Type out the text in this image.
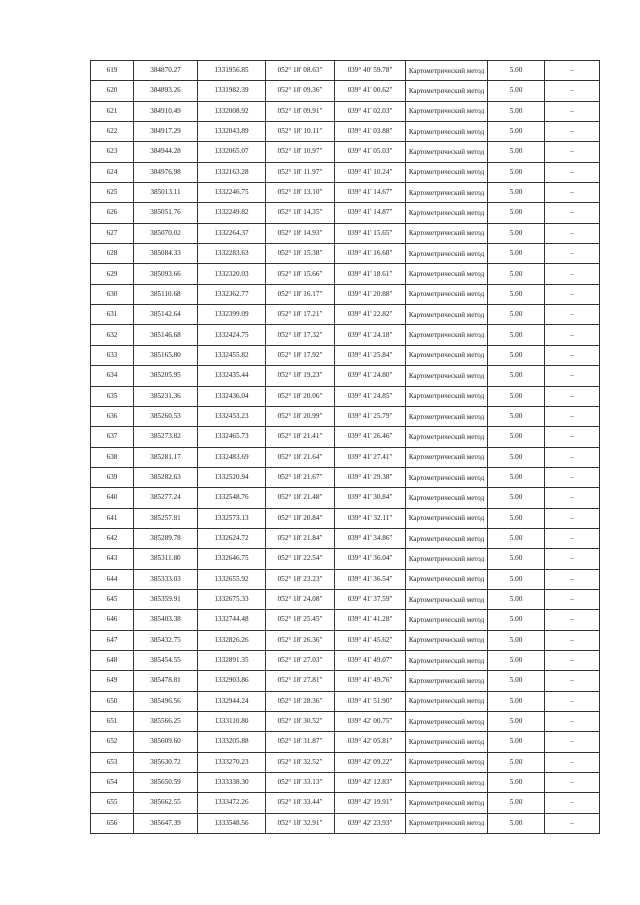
619	384870.27	1331956.85	052° 18' 08.63"	039° 40' 59.78"	Картометрический метод	5.00	–
620	384893.26	1331982.39	052° 18' 09.36"	039° 41' 00.62"	Картометрический метод	5.00	–
621	384910.49	1332008.92	052° 18' 09.91"	039° 41' 02.03"	Картометрический метод	5.00	–
622	384917.29	1332043.89	052° 18' 10.11"	039° 41' 03.88"	Картометрический метод	5.00	–
623	384944.28	1332065.07	052° 18' 10.97"	039° 41' 05.03"	Картометрический метод	5.00	–
624	384976.98	1332163.28	052° 18' 11.97"	039° 41' 10.24"	Картометрический метод	5.00	–
625	385013.11	1332246.75	052° 18' 13.10"	039° 41' 14.67"	Картометрический метод	5.00	–
626	385051.76	1332249.82	052° 18' 14.35"	039° 41' 14.87"	Картометрический метод	5.00	–
627	385070.02	1332264.37	052° 18' 14.93"	039° 41' 15.65"	Картометрический метод	5.00	–
628	385084.33	1332283.63	052° 18' 15.38"	039° 41' 16.68"	Картометрический метод	5.00	–
629	385093.66	1332320.03	052° 18' 15.66"	039° 41' 18.61"	Картометрический метод	5.00	–
630	385110.68	1332362.77	052° 18' 16.17"	039° 41' 20.88"	Картометрический метод	5.00	–
631	385142.64	1332399.09	052° 18' 17.21"	039° 41' 22.82"	Картометрический метод	5.00	–
632	385146.68	1332424.75	052° 18' 17.32"	039° 41' 24.18"	Картометрический метод	5.00	–
633	385165.80	1332455.82	052° 18' 17.92"	039° 41' 25.84"	Картометрический метод	5.00	–
634	385205.95	1332435.44	052° 18' 19.23"	039° 41' 24.80"	Картометрический метод	5.00	–
635	385231.36	1332436.04	052° 18' 20.06"	039° 41' 24.85"	Картометрический метод	5.00	–
636	385260.53	1332453.23	052° 18' 20.99"	039° 41' 25.79"	Картометрический метод	5.00	–
637	385273.82	1332465.73	052° 18' 21.41"	039° 41' 26.46"	Картометрический метод	5.00	–
638	385281.17	1332483.69	052° 18' 21.64"	039° 41' 27.41"	Картометрический метод	5.00	–
639	385282.63	1332520.94	052° 18' 21.67"	039° 41' 29.38"	Картометрический метод	5.00	–
640	385277.24	1332548.76	052° 18' 21.48"	039° 41' 30.84"	Картометрический метод	5.00	–
641	385257.81	1332573.13	052° 18' 20.84"	039° 41' 32.11"	Картометрический метод	5.00	–
642	385289.78	1332624.72	052° 18' 21.84"	039° 41' 34.86"	Картометрический метод	5.00	–
643	385311.80	1332646.75	052° 18' 22.54"	039° 41' 36.04"	Картометрический метод	5.00	–
644	385333.03	1332655.92	052° 18' 23.23"	039° 41' 36.54"	Картометрический метод	5.00	–
645	385359.91	1332675.33	052° 18' 24.08"	039° 41' 37.59"	Картометрический метод	5.00	–
646	385403.38	1332744.48	052° 18' 25.45"	039° 41' 41.28"	Картометрический метод	5.00	–
647	385432.75	1332826.26	052° 18' 26.36"	039° 41' 45.62"	Картометрический метод	5.00	–
648	385454.55	1332891.35	052° 18' 27.03"	039° 41' 49.07"	Картометрический метод	5.00	–
649	385478.81	1332903.86	052° 18' 27.81"	039° 41' 49.76"	Картометрический метод	5.00	–
650	385496.56	1332944.24	052° 18' 28.36"	039° 41' 51.90"	Картометрический метод	5.00	–
651	385566.25	1333110.80	052° 18' 30.52"	039° 42' 00.75"	Картометрический метод	5.00	–
652	385609.60	1333205.88	052° 18' 31.87"	039° 42' 05.81"	Картометрический метод	5.00	–
653	385630.72	1333270.23	052° 18' 32.52"	039° 42' 09.22"	Картометрический метод	5.00	–
654	385650.59	1333338.30	052° 18' 33.13"	039° 42' 12.83"	Картометрический метод	5.00	–
655	385662.55	1333472.26	052° 18' 33.44"	039° 42' 19.91"	Картометрический метод	5.00	–
656	385647.39	1333548.56	052° 18' 32.91"	039° 42' 23.93"	Картометрический метод	5.00	–
